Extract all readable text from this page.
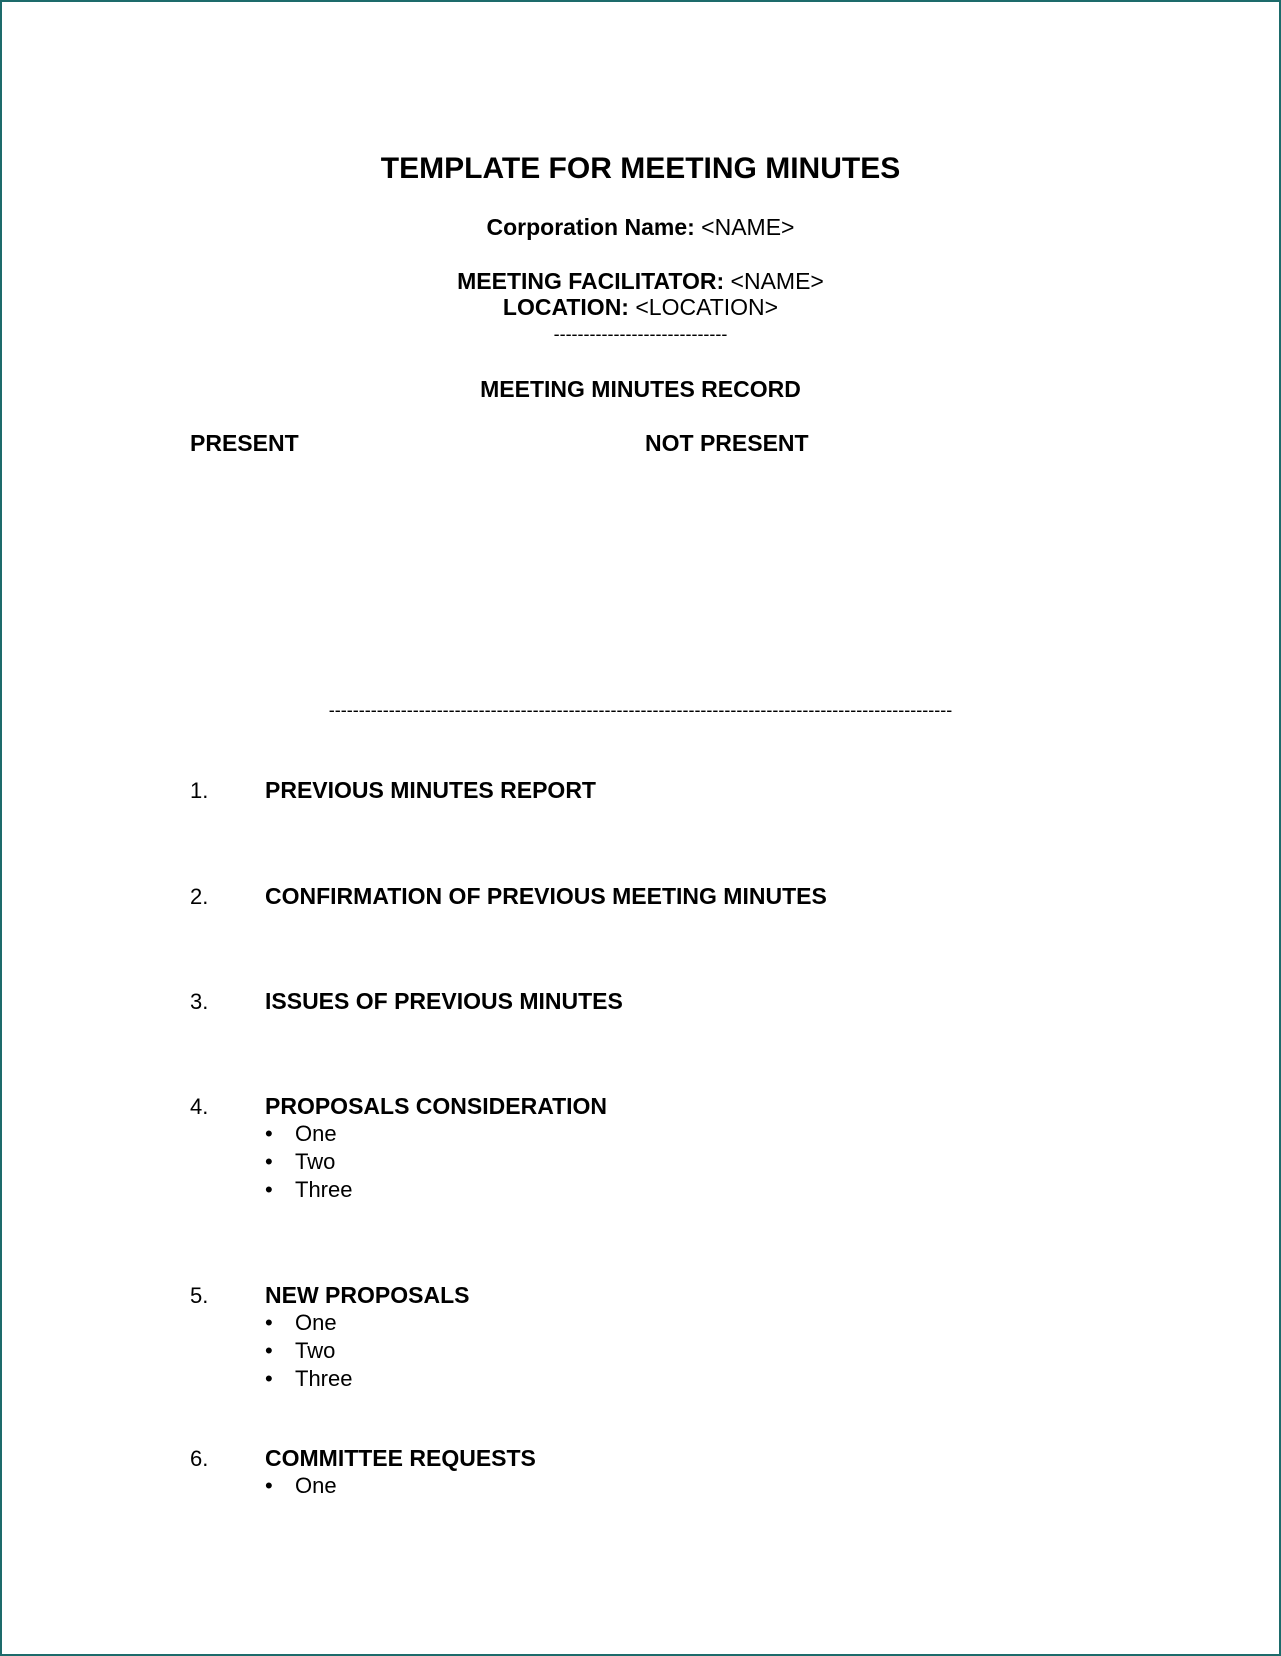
TEMPLATE FOR MEETING MINUTES
Corporation Name: <NAME>
MEETING FACILITATOR: <NAME>
LOCATION: <LOCATION>
-----------------------------
MEETING MINUTES RECORD
PRESENT	NOT PRESENT
--------------------------------------------------------------------------------------------------------
1. PREVIOUS MINUTES REPORT
2. CONFIRMATION OF PREVIOUS MEETING MINUTES
3. ISSUES OF PREVIOUS MINUTES
4. PROPOSALS CONSIDERATION
• One
• Two
• Three
5. NEW PROPOSALS
• One
• Two
• Three
6. COMMITTEE REQUESTS
• One
